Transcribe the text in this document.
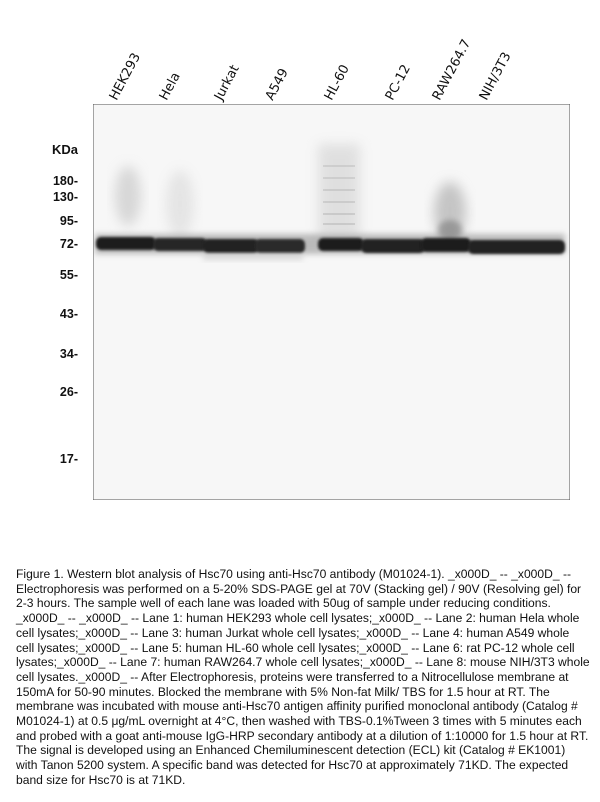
HEK293 Hela Jurkat A549 HL-60 PC-12 RAW264.7 NIH/3T3
KDa
180-
130-
95-
72-
55-
43-
34-
26-
17-
Figure 1. Western blot analysis of Hsc70 using anti-Hsc70 antibody (M01024-1). _x000D_ -- _x000D_ -- Electrophoresis was performed on a 5-20% SDS-PAGE gel at 70V (Stacking gel) / 90V (Resolving gel) for 2-3 hours. The sample well of each lane was loaded with 50ug of sample under reducing conditions. _x000D_ -- _x000D_ -- Lane 1: human HEK293 whole cell lysates;_x000D_ -- Lane 2: human Hela whole cell lysates;_x000D_ -- Lane 3: human Jurkat whole cell lysates;_x000D_ -- Lane 4: human A549 whole cell lysates;_x000D_ -- Lane 5: human HL-60 whole cell lysates;_x000D_ -- Lane 6: rat PC-12 whole cell lysates;_x000D_ -- Lane 7: human RAW264.7 whole cell lysates;_x000D_ -- Lane 8: mouse NIH/3T3 whole cell lysates._x000D_ -- After Electrophoresis, proteins were transferred to a Nitrocellulose membrane at 150mA for 50-90 minutes. Blocked the membrane with 5% Non-fat Milk/ TBS for 1.5 hour at RT. The membrane was incubated with mouse anti-Hsc70 antigen affinity purified monoclonal antibody (Catalog # M01024-1) at 0.5 μg/mL overnight at 4°C, then washed with TBS-0.1%Tween 3 times with 5 minutes each and probed with a goat anti-mouse IgG-HRP secondary antibody at a dilution of 1:10000 for 1.5 hour at RT. The signal is developed using an Enhanced Chemiluminescent detection (ECL) kit (Catalog # EK1001) with Tanon 5200 system. A specific band was detected for Hsc70 at approximately 71KD. The expected band size for Hsc70 is at 71KD.
